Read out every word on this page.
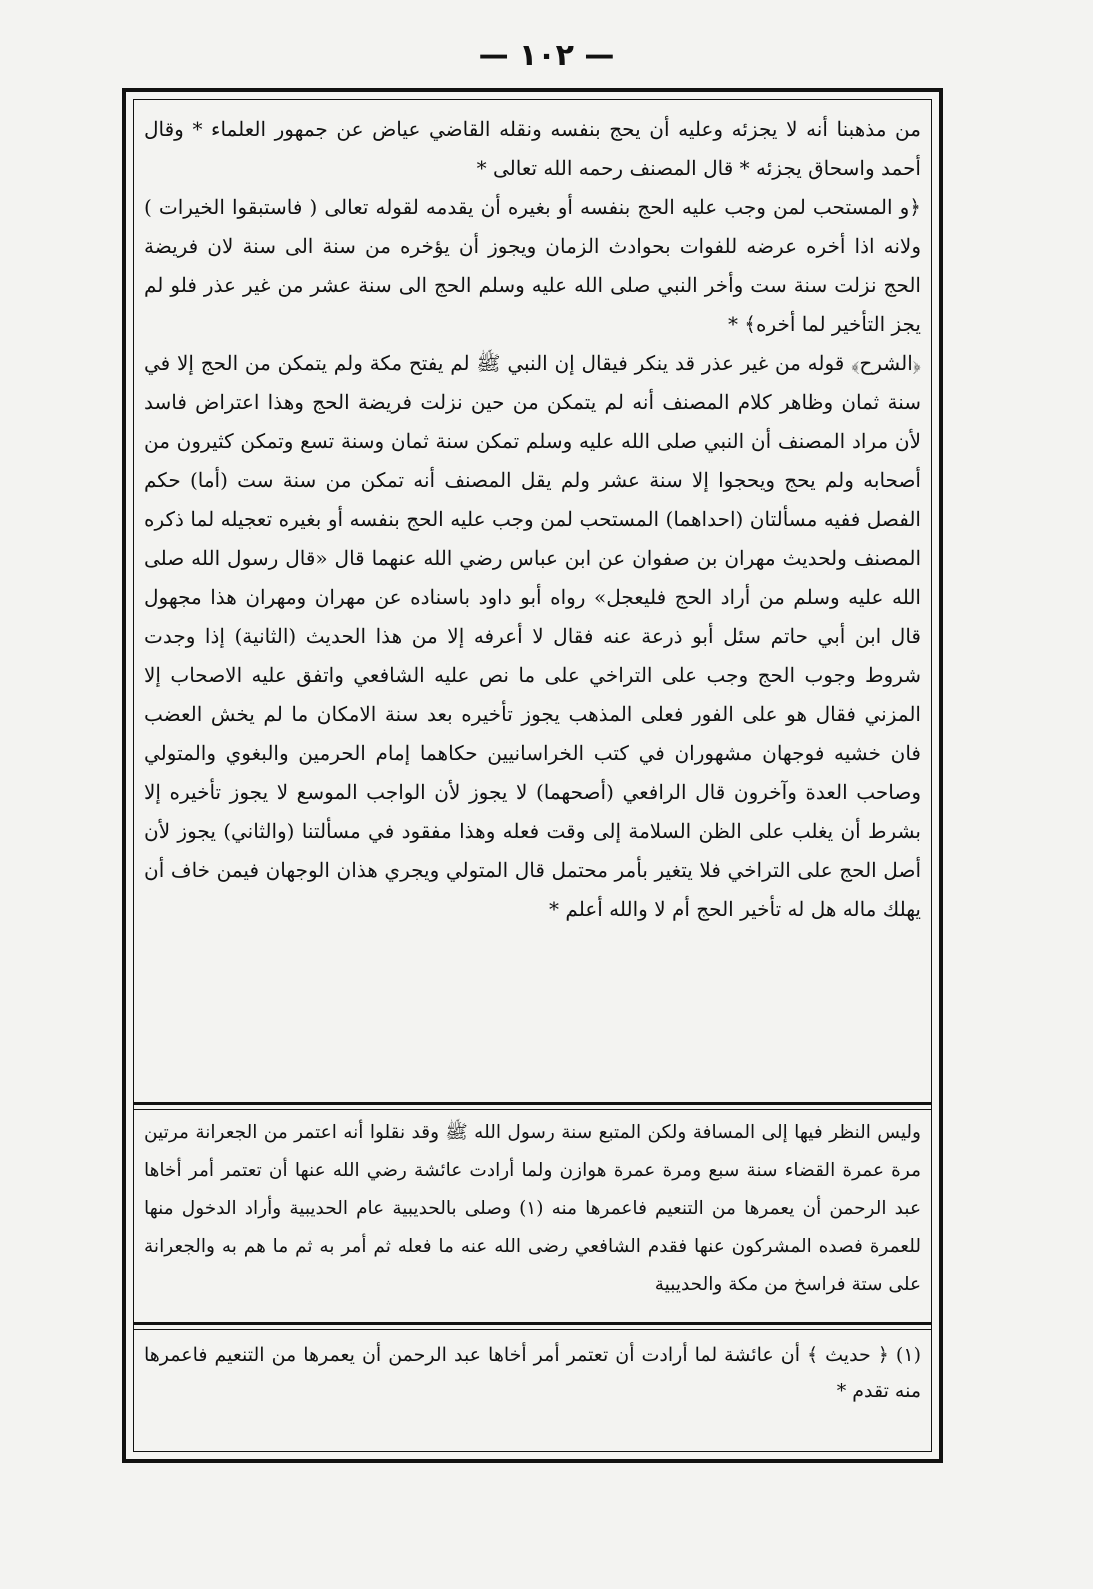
— ١٠٢ —

من مذهبنا أنه لا يجزئه وعليه أن يحج بنفسه ونقله القاضي عياض عن جمهور العلماء * وقال أحمد واسحاق يجزئه * قال المصنف رحمه الله تعالى *

﴿و المستحب لمن وجب عليه الحج بنفسه أو بغيره أن يقدمه لقوله تعالى ( فاستبقوا الخيرات ) ولانه اذا أخره عرضه للفوات بحوادث الزمان ويجوز أن يؤخره من سنة الى سنة لان فريضة الحج نزلت سنة ست وأخر النبي صلى الله عليه وسلم الحج الى سنة عشر من غير عذر فلو لم يجز التأخير لما أخره﴾ *

﴿الشرح﴾ قوله من غير عذر قد ينكر فيقال إن النبي ﷺ لم يفتح مكة ولم يتمكن من الحج إلا في سنة ثمان وظاهر كلام المصنف أنه لم يتمكن من حين نزلت فريضة الحج وهذا اعتراض فاسد لأن مراد المصنف أن النبي صلى الله عليه وسلم تمكن سنة ثمان وسنة تسع وتمكن كثيرون من أصحابه ولم يحج ويحجوا إلا سنة عشر ولم يقل المصنف أنه تمكن من سنة ست (أما) حكم الفصل ففيه مسألتان (احداهما) المستحب لمن وجب عليه الحج بنفسه أو بغيره تعجيله لما ذكره المصنف ولحديث مهران بن صفوان عن ابن عباس رضي الله عنهما قال «قال رسول الله صلى الله عليه وسلم من أراد الحج فليعجل» رواه أبو داود باسناده عن مهران ومهران هذا مجهول قال ابن أبي حاتم سئل أبو ذرعة عنه فقال لا أعرفه إلا من هذا الحديث (الثانية) إذا وجدت شروط وجوب الحج وجب على التراخي على ما نص عليه الشافعي واتفق عليه الاصحاب إلا المزني فقال هو على الفور فعلى المذهب يجوز تأخيره بعد سنة الامكان ما لم يخش العضب فان خشيه فوجهان مشهوران في كتب الخراسانيين حكاهما إمام الحرمين والبغوي والمتولي وصاحب العدة وآخرون قال الرافعي (أصحهما) لا يجوز لأن الواجب الموسع لا يجوز تأخيره إلا بشرط أن يغلب على الظن السلامة إلى وقت فعله وهذا مفقود في مسألتنا (والثاني) يجوز لأن أصل الحج على التراخي فلا يتغير بأمر محتمل قال المتولي ويجري هذان الوجهان فيمن خاف أن يهلك ماله هل له تأخير الحج أم لا والله أعلم *

وليس النظر فيها إلى المسافة ولكن المتبع سنة رسول الله ﷺ وقد نقلوا أنه اعتمر من الجعرانة مرتين مرة عمرة القضاء سنة سبع ومرة عمرة هوازن ولما أرادت عائشة رضي الله عنها أن تعتمر أمر أخاها عبد الرحمن أن يعمرها من التنعيم فاعمرها منه (١) وصلى بالحديبية عام الحديبية وأراد الدخول منها للعمرة فصده المشركون عنها فقدم الشافعي رضى الله عنه ما فعله ثم أمر به ثم ما هم به والجعرانة على ستة فراسخ من مكة والحديبية

(١) ﴿ حديث ﴾ أن عائشة لما أرادت أن تعتمر أمر أخاها عبد الرحمن أن يعمرها من التنعيم فاعمرها منه تقدم *
